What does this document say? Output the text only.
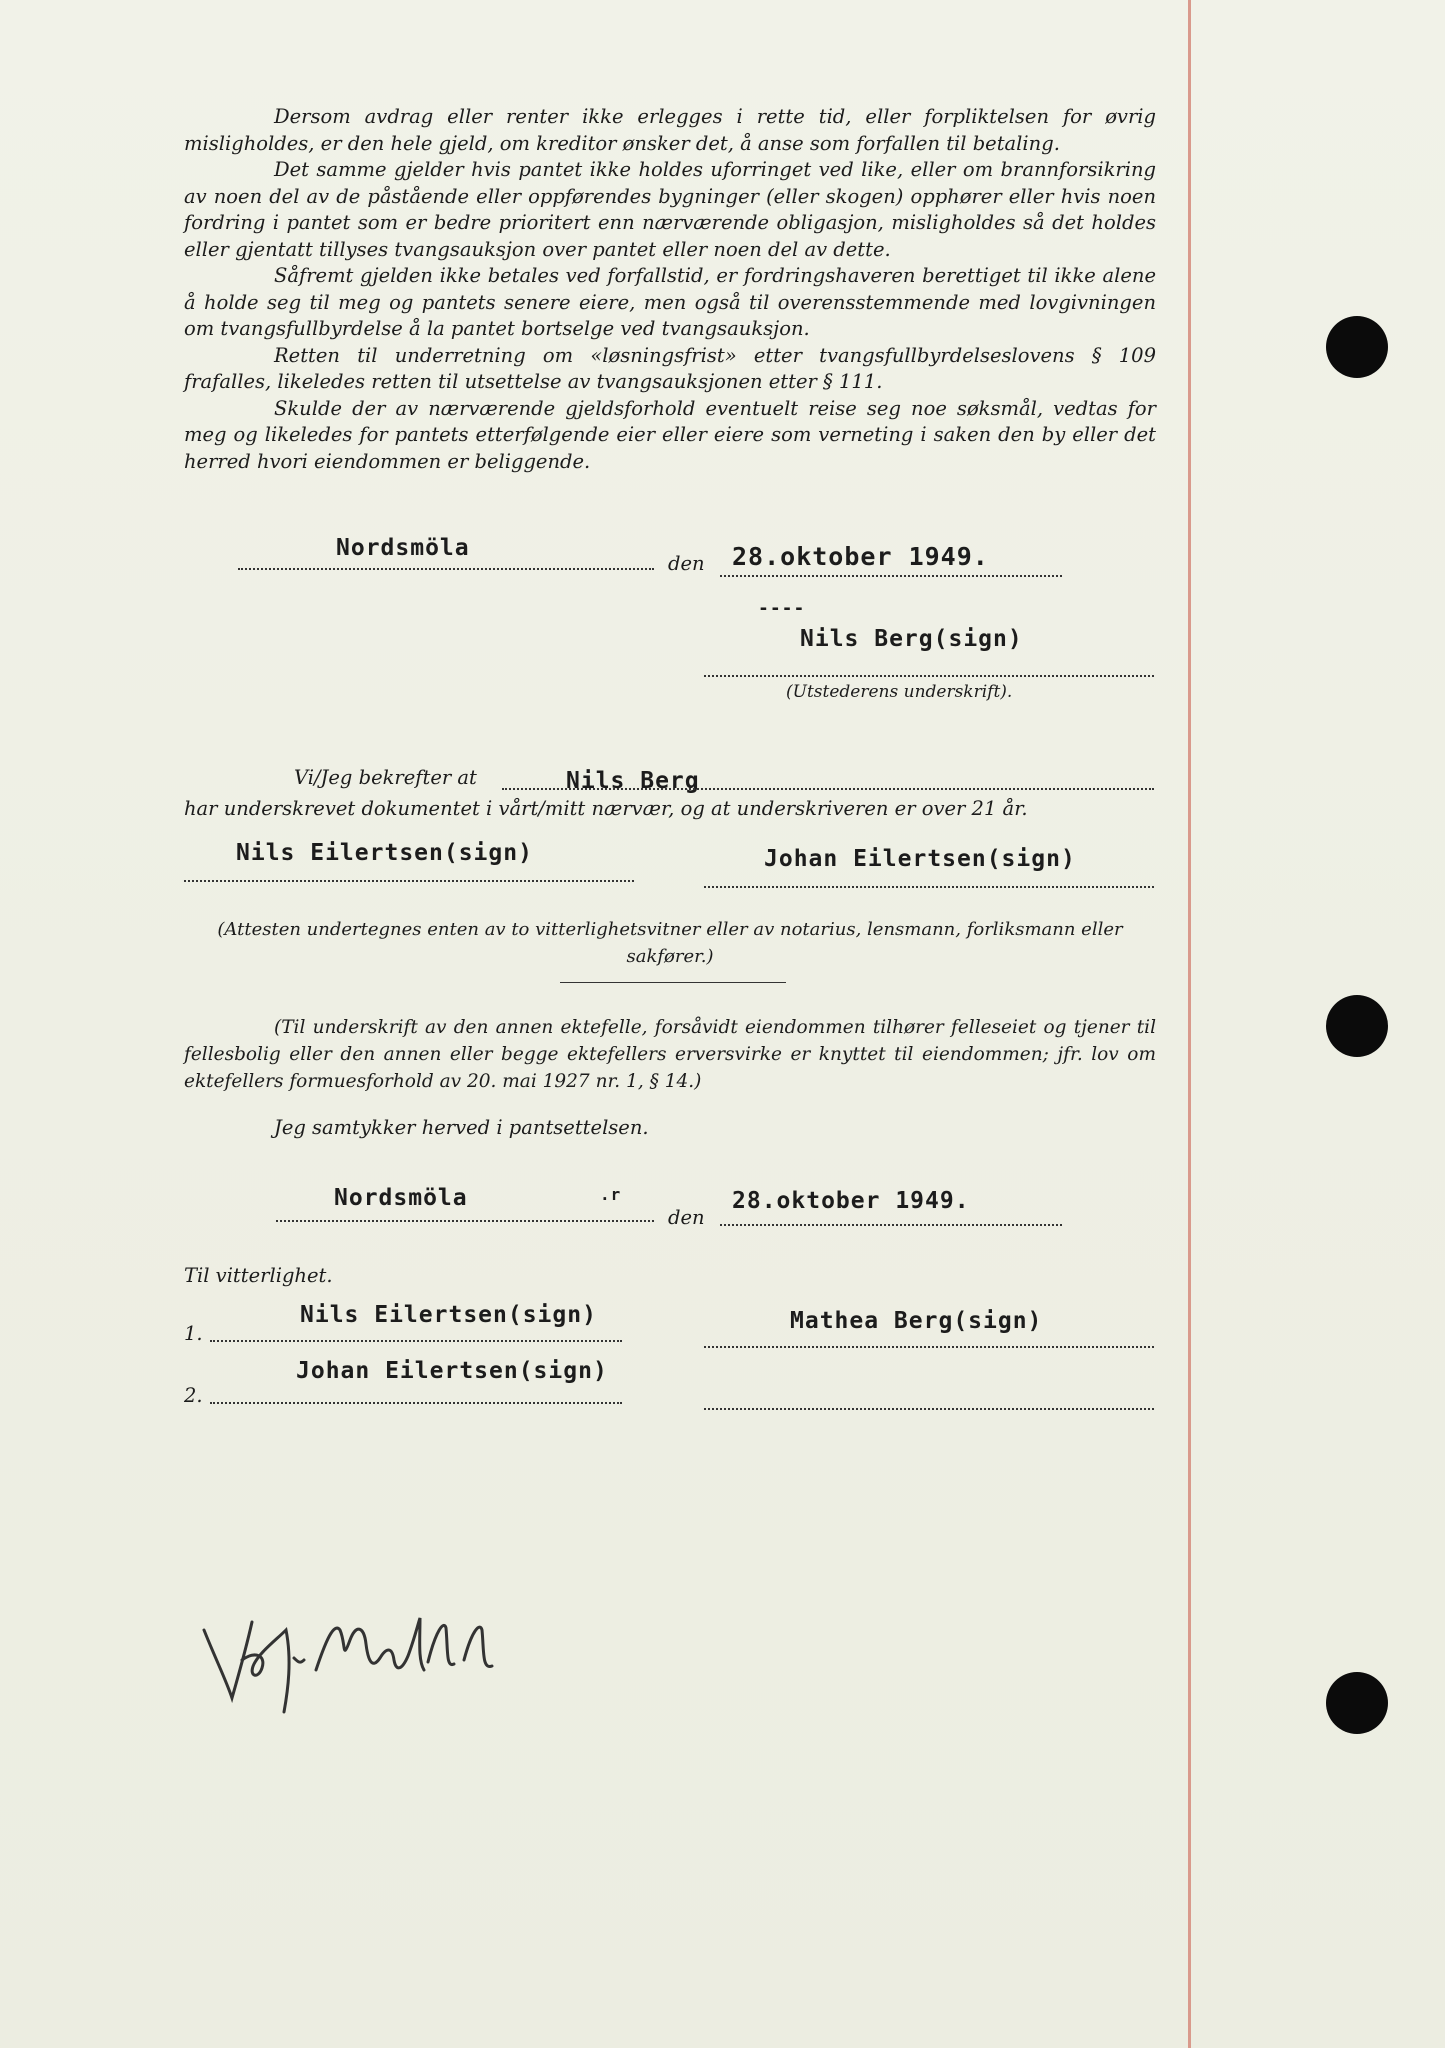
Dersom avdrag eller renter ikke erlegges i rette tid, eller forpliktelsen for øvrig misligholdes, er den hele gjeld, om kreditor ønsker det, å anse som forfallen til betaling.

Det samme gjelder hvis pantet ikke holdes uforringet ved like, eller om brannforsikring av noen del av de påstående eller oppførendes bygninger (eller skogen) opphører eller hvis noen fordring i pantet som er bedre prioritert enn nærværende obligasjon, misligholdes så det holdes eller gjentatt tillyses tvangsauksjon over pantet eller noen del av dette.

Såfremt gjelden ikke betales ved forfallstid, er fordringshaveren berettiget til ikke alene å holde seg til meg og pantets senere eiere, men også til overensstemmende med lovgivningen om tvangsfullbyrdelse å la pantet bortselge ved tvangsauksjon.

Retten til underretning om «løsningsfrist» etter tvangsfullbyrdelseslovens § 109 frafalles, likeledes retten til utsettelse av tvangsauksjonen etter § 111.

Skulde der av nærværende gjeldsforhold eventuelt reise seg noe søksmål, vedtas for meg og likeledes for pantets etterfølgende eier eller eiere som verneting i saken den by eller det herred hvori eiendommen er beliggende.

Nordsmöla
den 28.oktober 1949.
----
Nils Berg(sign)
(Utstederens underskrift).
Vi/Jeg bekrefter at	Nils Berg
har underskrevet dokumentet i vårt/mitt nærvær, og at underskriveren er over 21 år.
Nils Eilertsen(sign)	Johan Eilertsen(sign)
(Attesten undertegnes enten av to vitterlighetsvitner eller av notarius, lensmann, forliksmann eller sakfører.)
(Til underskrift av den annen ektefelle, forsåvidt eiendommen tilhører felleseiet og tjener til fellesbolig eller den annen eller begge ektefellers erversvirke er knyttet til eiendommen; jfr. lov om ektefellers formuesforhold av 20. mai 1927 nr. 1, § 14.)
Jeg samtykker herved i pantsettelsen.
Nordsmöla	.r
den
28.oktober 1949.
Til vitterlighet.
1.
Nils Eilertsen(sign)	Mathea Berg(sign)
2.
Johan Eilertsen(sign)
